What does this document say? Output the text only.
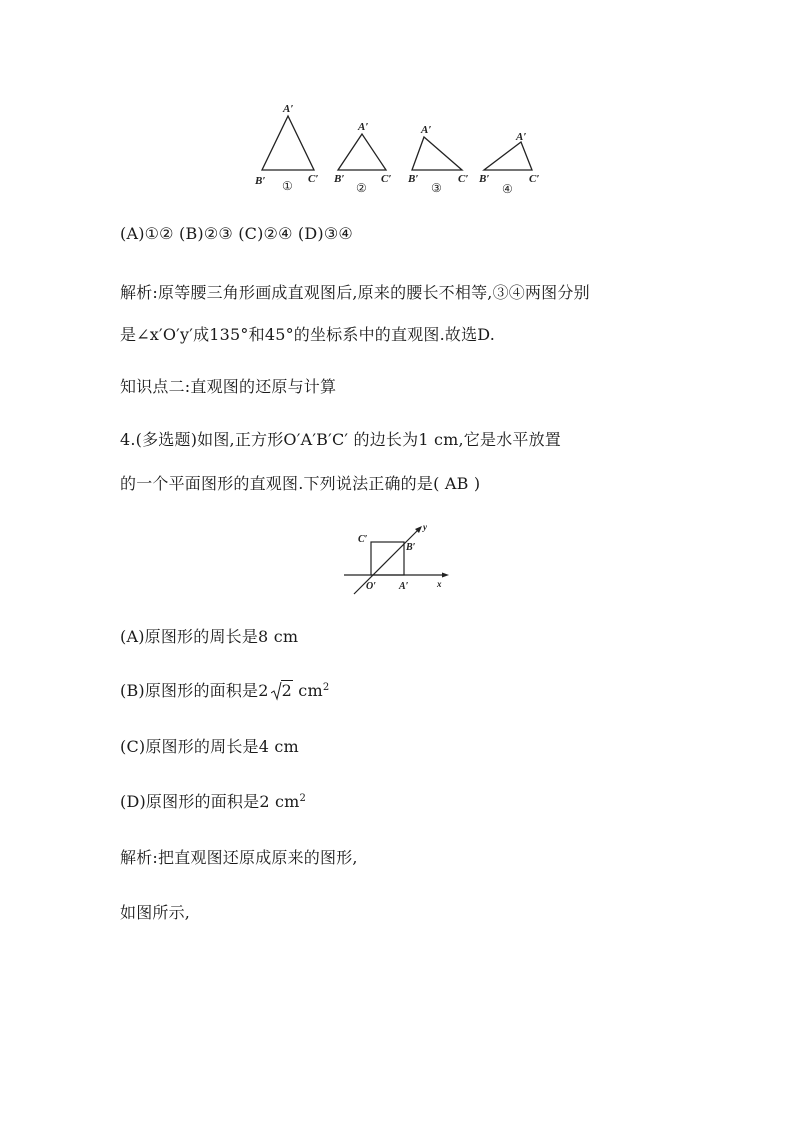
A′
B′	C′
①
A′
B′	C′
②
A′
B′	C′
③
A′
B′	C′
④
(A)①② (B)②③ (C)②④ (D)③④
解析:原等腰三角形画成直观图后,原来的腰长不相等,③④两图分别
是∠x′O′y′成135°和45°的坐标系中的直观图.故选D.
知识点二:直观图的还原与计算
4.(多选题)如图,正方形O′A′B′C′ 的边长为1 cm,它是水平放置
的一个平面图形的直观图.下列说法正确的是( AB )
C′
B′
O′ A′
y
x
(A)原图形的周长是8 cm
(B)原图形的面积是2 2 $cm^2$
(C)原图形的周长是4 cm
(D)原图形的面积是2 $cm^2$
解析:把直观图还原成原来的图形,
如图所示,
